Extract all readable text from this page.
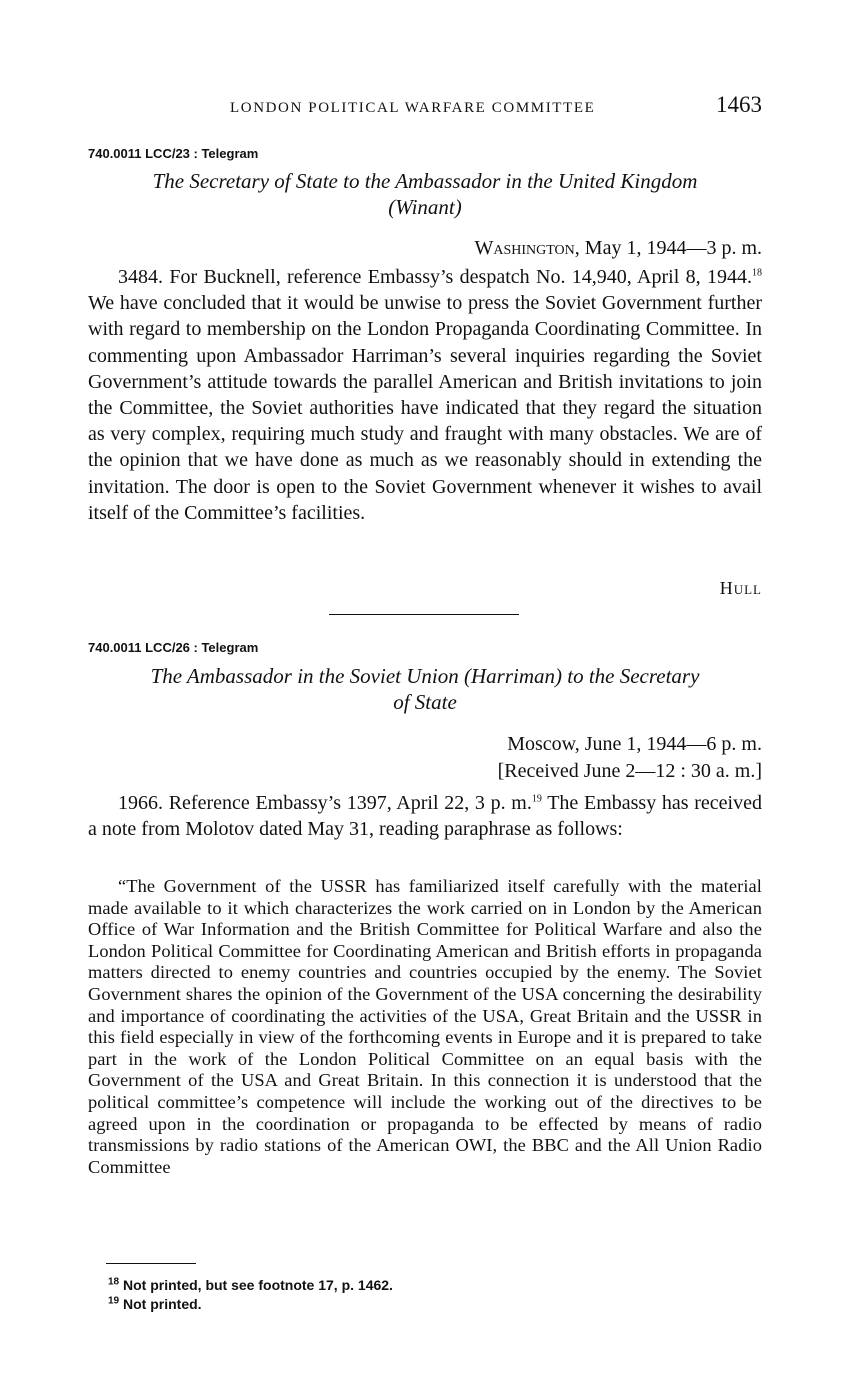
LONDON POLITICAL WARFARE COMMITTEE	1463
740.0011 LCC/23 : Telegram
The Secretary of State to the Ambassador in the United Kingdom
(Winant)
Washington, May 1, 1944—3 p. m.

3484. For Bucknell, reference Embassy’s despatch No. 14,940, April 8, 1944.18 We have concluded that it would be unwise to press the Soviet Government further with regard to membership on the London Propaganda Coordinating Committee. In commenting upon Ambassador Harriman’s several inquiries regarding the Soviet Government’s attitude towards the parallel American and British invitations to join the Committee, the Soviet authorities have indicated that they regard the situation as very complex, requiring much study and fraught with many obstacles. We are of the opinion that we have done as much as we reasonably should in extending the invitation. The door is open to the Soviet Government whenever it wishes to avail itself of the Committee’s facilities.

Hull
740.0011 LCC/26 : Telegram
The Ambassador in the Soviet Union (Harriman) to the Secretary
of State
Moscow, June 1, 1944—6 p. m.
[Received June 2—12 : 30 a. m.]

1966. Reference Embassy’s 1397, April 22, 3 p. m.$^{19}$ The Embassy has received a note from Molotov dated May 31, reading paraphrase as follows:

“The Government of the USSR has familiarized itself carefully with the material made available to it which characterizes the work carried on in London by the American Office of War Information and the British Committee for Political Warfare and also the London Political Committee for Coordinating American and British efforts in propaganda matters directed to enemy countries and countries occupied by the enemy. The Soviet Government shares the opinion of the Government of the USA concerning the desirability and importance of coordinating the activities of the USA, Great Britain and the USSR in this field especially in view of the forthcoming events in Europe and it is prepared to take part in the work of the London Political Committee on an equal basis with the Government of the USA and Great Britain. In this connection it is understood that the political committee’s competence will include the working out of the directives to be agreed upon in the coordination or propaganda to be effected by means of radio transmissions by radio stations of the American OWI, the BBC and the All Union Radio Committee

$^{18}$ Not printed, but see footnote 17, p. 1462.
$^{19}$ Not printed.
